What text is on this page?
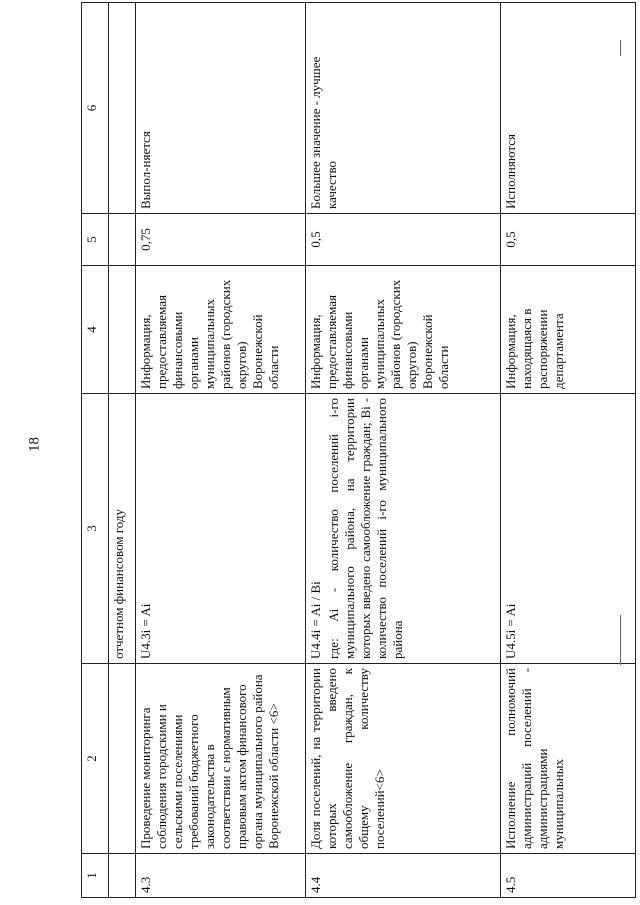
18
1	2	3	4	5	6
		отчетном финансовом году			
4.3	Проведение мониторинга соблюдения городскими и сельскими поселениями требований бюджетного законодательства в соответствии с нормативным правовым актом финансового органа муниципального района Воронежской области <6>	U4.3i = Ai	Информация, предоставляемая финансовыми органами муниципальных районов (городских округов) Воронежской области	0,75	Выпол-няется
4.4	Доля поселений, на территории которых введено самообложение граждан, к общему количеству поселений<6>	U4.4i = Ai / Bi где: Ai - количество поселений i-го муниципального района, на территории которых введено самообложение граждан; Bi - количество поселений i-го муниципального района	Информация, предоставляемая финансовыми органами муниципальных районов (городских округов) Воронежской области	0,5	Большее значение - лучшее качество
4.5	Исполнение полномочий администраций поселений - администрациями муниципальных	U4.5i = Ai	Информация, находящаяся в распоряжении департамента	0,5	Исполняются
